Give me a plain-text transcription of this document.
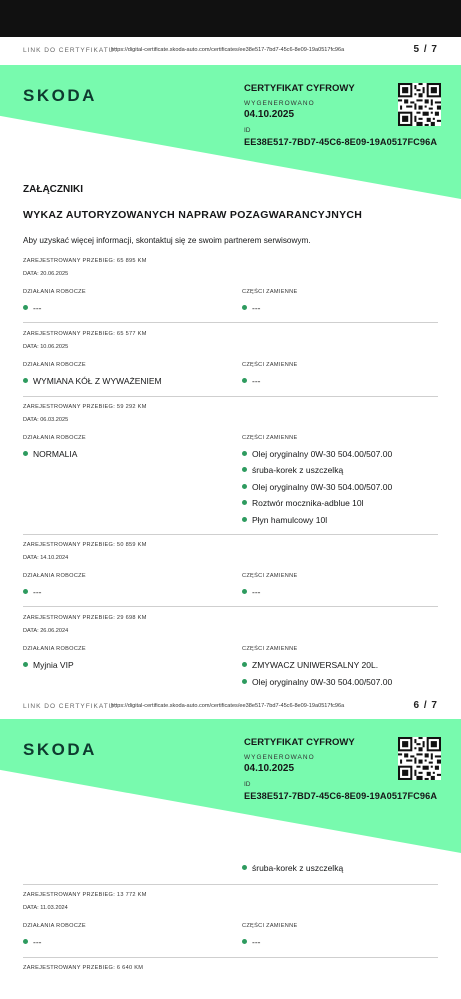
LINK DO CERTYFIKATU:
https://digital-certificate.skoda-auto.com/certificates/ee38e517-7bd7-45c6-8e09-19a0517fc96a	5 / 7
SKODA	CERTYFIKAT CYFROWY
WYGENEROWANO
04.10.2025
ID
EE38E517-7BD7-45C6-8E09-19A0517FC96A
ZAŁĄCZNIKI
WYKAZ AUTORYZOWANYCH NAPRAW POZAGWARANCYJNYCH
Aby uzyskać więcej informacji, skontaktuj się ze swoim partnerem serwisowym.
ZAREJESTROWANY PRZEBIEG: 65 895 KM
DATA: 20.06.2025
DZIAŁANIA ROBOCZE	CZĘŚCI ZAMIENNE
---	---
ZAREJESTROWANY PRZEBIEG: 65 577 KM
DATA: 10.06.2025
DZIAŁANIA ROBOCZE	CZĘŚCI ZAMIENNE
WYMIANA KÓŁ Z WYWAŻENIEM	---
ZAREJESTROWANY PRZEBIEG: 59 292 KM
DATA: 06.03.2025
DZIAŁANIA ROBOCZE	CZĘŚCI ZAMIENNE
NORMALIA	Olej oryginalny 0W-30 504.00/507.00
śruba-korek z uszczelką
Olej oryginalny 0W-30 504.00/507.00
Roztwór mocznika-adblue 10l
Płyn hamulcowy 10l
ZAREJESTROWANY PRZEBIEG: 50 859 KM
DATA: 14.10.2024
DZIAŁANIA ROBOCZE	CZĘŚCI ZAMIENNE
---	---
ZAREJESTROWANY PRZEBIEG: 29 698 KM
DATA: 26.06.2024
DZIAŁANIA ROBOCZE	CZĘŚCI ZAMIENNE
Myjnia VIP	ZMYWACZ UNIWERSALNY 20L.
Olej oryginalny 0W-30 504.00/507.00
LINK DO CERTYFIKATU:
https://digital-certificate.skoda-auto.com/certificates/ee38e517-7bd7-45c6-8e09-19a0517fc96a	6 / 7
SKODA	CERTYFIKAT CYFROWY
WYGENEROWANO
04.10.2025
ID
EE38E517-7BD7-45C6-8E09-19A0517FC96A
śruba-korek z uszczelką
ZAREJESTROWANY PRZEBIEG: 13 772 KM
DATA: 11.03.2024
DZIAŁANIA ROBOCZE	CZĘŚCI ZAMIENNE
---	---
ZAREJESTROWANY PRZEBIEG: 6 640 KM
